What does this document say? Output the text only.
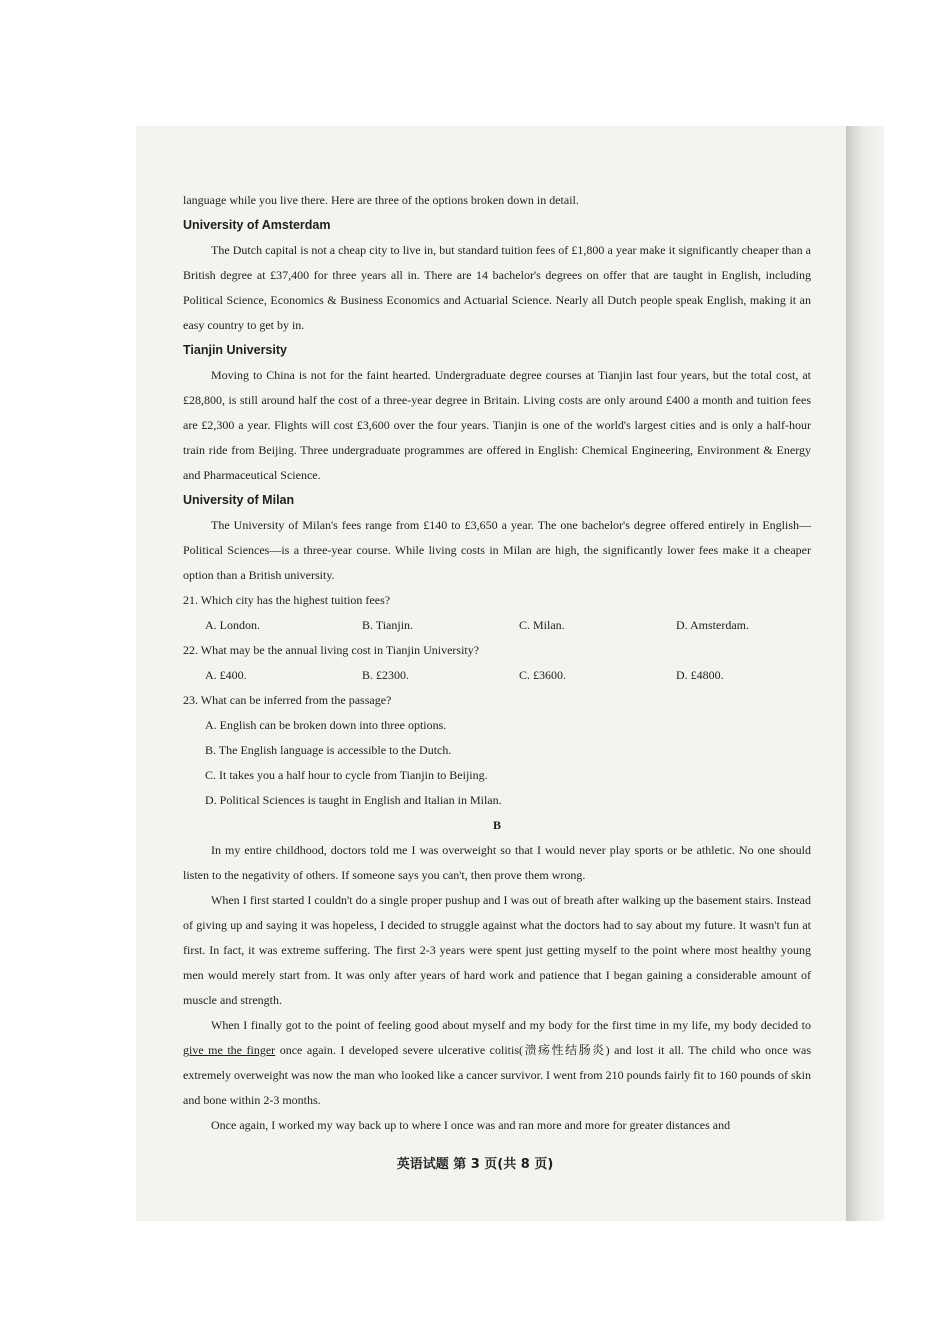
language while you live there. Here are three of the options broken down in detail.

University of Amsterdam

The Dutch capital is not a cheap city to live in, but standard tuition fees of £1,800 a year make it significantly cheaper than a British degree at £37,400 for three years all in. There are 14 bachelor's degrees on offer that are taught in English, including Political Science, Economics & Business Economics and Actuarial Science. Nearly all Dutch people speak English, making it an easy country to get by in.

Tianjin University

Moving to China is not for the faint hearted. Undergraduate degree courses at Tianjin last four years, but the total cost, at £28,800, is still around half the cost of a three-year degree in Britain. Living costs are only around £400 a month and tuition fees are £2,300 a year. Flights will cost £3,600 over the four years. Tianjin is one of the world's largest cities and is only a half-hour train ride from Beijing. Three undergraduate programmes are offered in English: Chemical Engineering, Environment & Energy and Pharmaceutical Science.

University of Milan

The University of Milan's fees range from £140 to £3,650 a year. The one bachelor's degree offered entirely in English—Political Sciences—is a three-year course. While living costs in Milan are high, the significantly lower fees make it a cheaper option than a British university.

21. Which city has the highest tuition fees?

A. London.	B. Tianjin.	C. Milan.	D. Amsterdam.

22. What may be the annual living cost in Tianjin University?

A. £400.	B. £2300.	C. £3600.	D. £4800.

23. What can be inferred from the passage?

A. English can be broken down into three options.

B. The English language is accessible to the Dutch.

C. It takes you a half hour to cycle from Tianjin to Beijing.

D. Political Sciences is taught in English and Italian in Milan.

B

In my entire childhood, doctors told me I was overweight so that I would never play sports or be athletic. No one should listen to the negativity of others. If someone says you can't, then prove them wrong.

When I first started I couldn't do a single proper pushup and I was out of breath after walking up the basement stairs. Instead of giving up and saying it was hopeless, I decided to struggle against what the doctors had to say about my future. It wasn't fun at first. In fact, it was extreme suffering. The first 2-3 years were spent just getting myself to the point where most healthy young men would merely start from. It was only after years of hard work and patience that I began gaining a considerable amount of muscle and strength.

When I finally got to the point of feeling good about myself and my body for the first time in my life, my body decided to give me the finger once again. I developed severe ulcerative colitis(溃疡性结肠炎) and lost it all. The child who once was extremely overweight was now the man who looked like a cancer survivor. I went from 210 pounds fairly fit to 160 pounds of skin and bone within 2-3 months.

Once again, I worked my way back up to where I once was and ran more and more for greater distances and

英语试题 第 3 页(共 8 页)
